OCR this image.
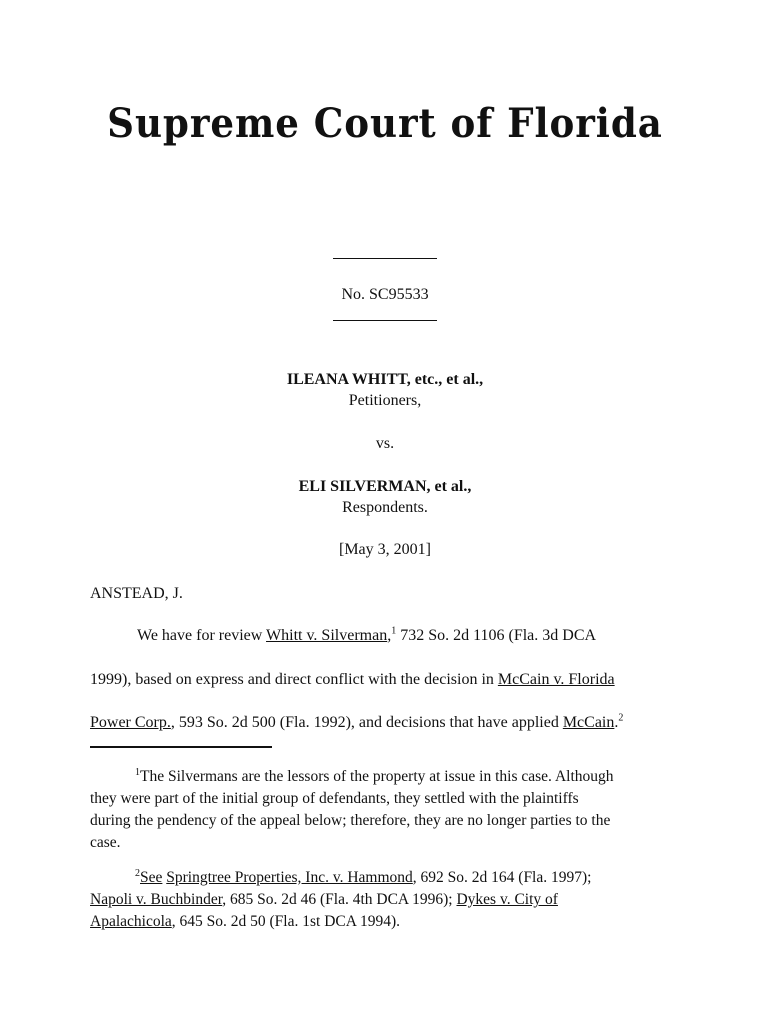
Supreme Court of Florida
No. SC95533
ILEANA WHITT, etc., et al.,
Petitioners,
vs.
ELI SILVERMAN, et al.,
Respondents.
[May 3, 2001]
ANSTEAD, J.
We have for review Whitt v. Silverman,$^1$ 732 So. 2d 1106 (Fla. 3d DCA
1999), based on express and direct conflict with the decision in McCain v. Florida
Power Corp., 593 So. 2d 500 (Fla. 1992), and decisions that have applied McCain.$^2$
$^1$The Silvermans are the lessors of the property at issue in this case. Although
they were part of the initial group of defendants, they settled with the plaintiffs
during the pendency of the appeal below; therefore, they are no longer parties to the
case.
$^2$See Springtree Properties, Inc. v. Hammond, 692 So. 2d 164 (Fla. 1997);
Napoli v. Buchbinder, 685 So. 2d 46 (Fla. 4th DCA 1996); Dykes v. City of
Apalachicola, 645 So. 2d 50 (Fla. 1st DCA 1994).
